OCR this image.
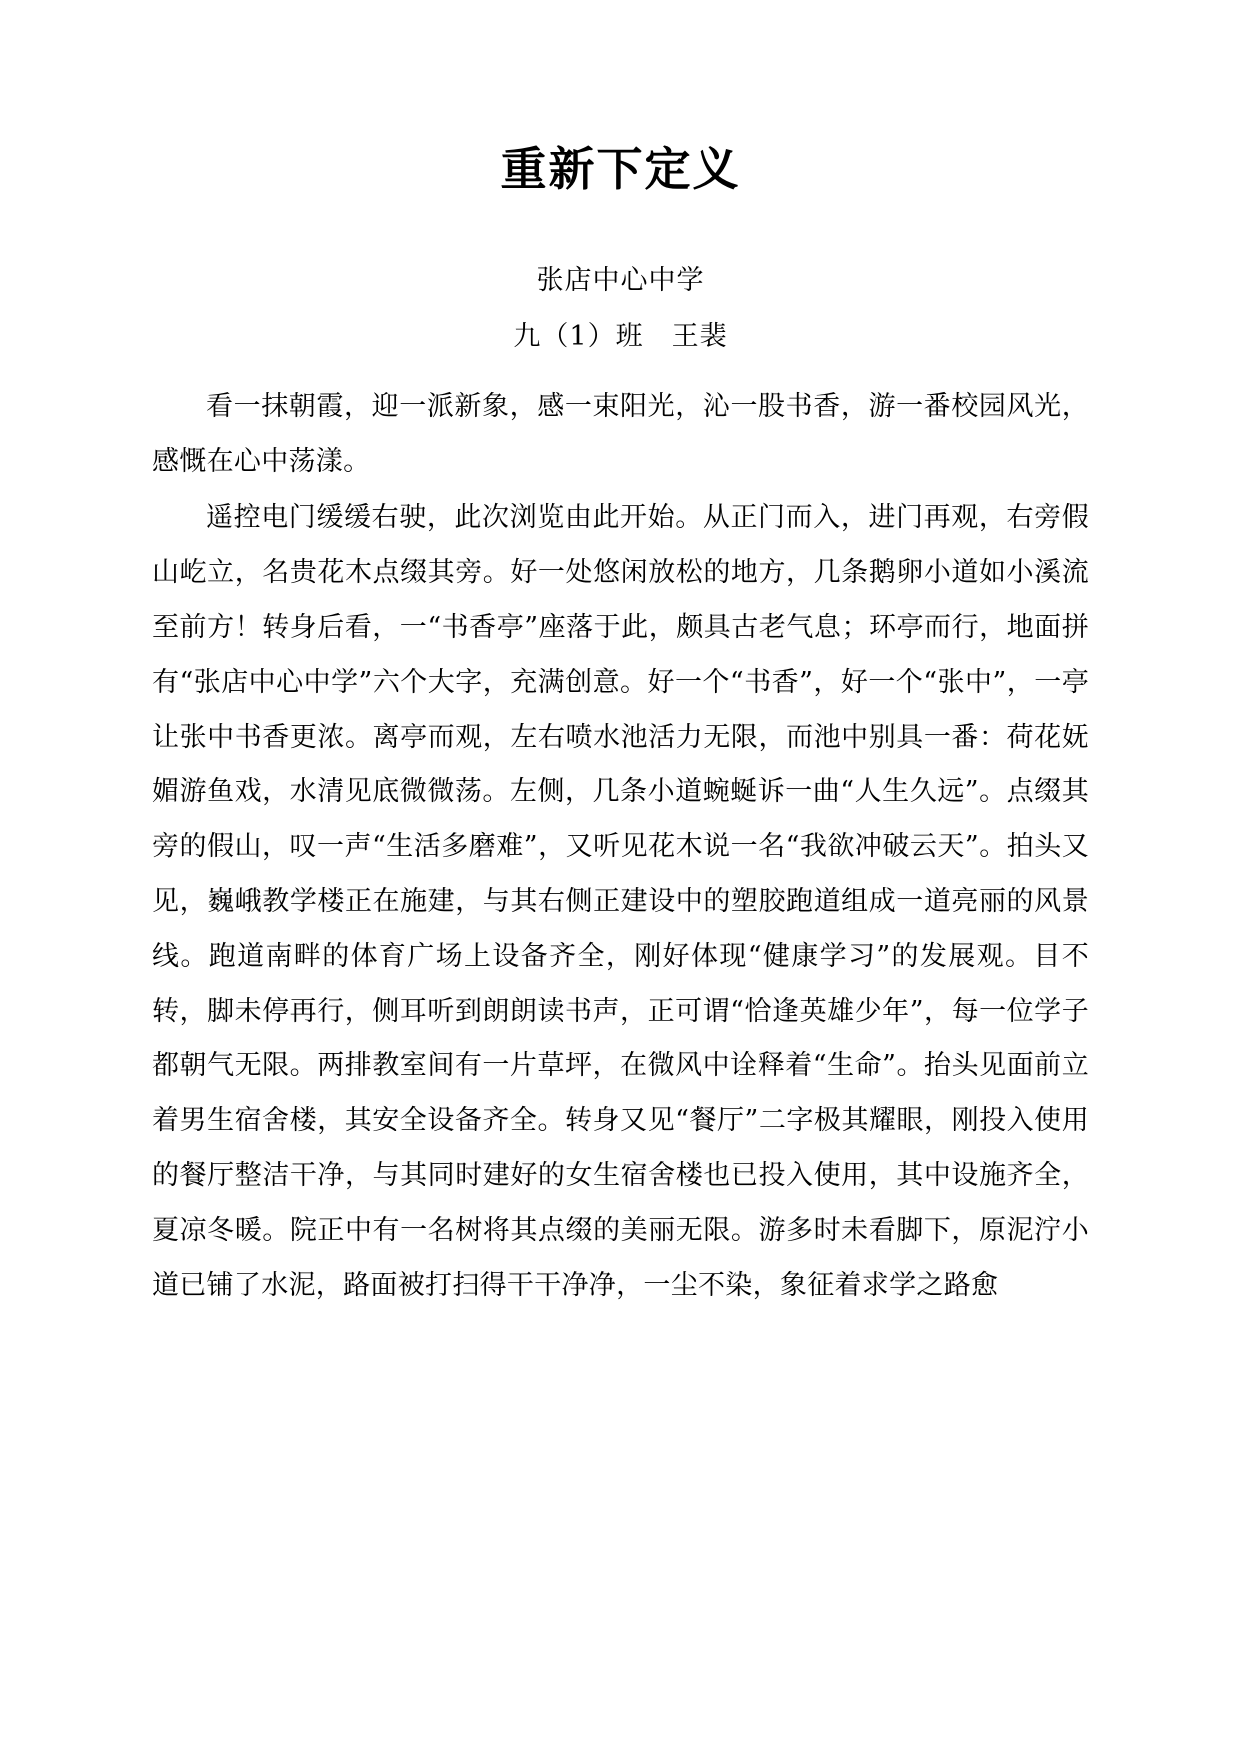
重新下定义

张店中心中学

九（1）班　王裴

看一抹朝霞，迎一派新象，感一束阳光，沁一股书香，游一番校园风光，感慨在心中荡漾。

遥控电门缓缓右驶，此次浏览由此开始。从正门而入，进门再观，右旁假山屹立，名贵花木点缀其旁。好一处悠闲放松的地方，几条鹅卵小道如小溪流至前方！转身后看，一“书香亭”座落于此，颇具古老气息；环亭而行，地面拼有“张店中心中学”六个大字，充满创意。好一个“书香”，好一个“张中”，一亭让张中书香更浓。离亭而观，左右喷水池活力无限，而池中别具一番：荷花妩媚游鱼戏，水清见底微微荡。左侧，几条小道蜿蜒诉一曲“人生久远”。点缀其旁的假山，叹一声“生活多磨难”，又听见花木说一名“我欲冲破云天”。拍头又见，巍峨教学楼正在施建，与其右侧正建设中的塑胶跑道组成一道亮丽的风景线。跑道南畔的体育广场上设备齐全，刚好体现“健康学习”的发展观。目不转，脚未停再行，侧耳听到朗朗读书声，正可谓“恰逢英雄少年”，每一位学子都朝气无限。两排教室间有一片草坪，在微风中诠释着“生命”。抬头见面前立着男生宿舍楼，其安全设备齐全。转身又见“餐厅”二字极其耀眼，刚投入使用的餐厅整洁干净，与其同时建好的女生宿舍楼也已投入使用，其中设施齐全，夏凉冬暖。院正中有一名树将其点缀的美丽无限。游多时未看脚下，原泥泞小道已铺了水泥，路面被打扫得干干净净，一尘不染，象征着求学之路愈
